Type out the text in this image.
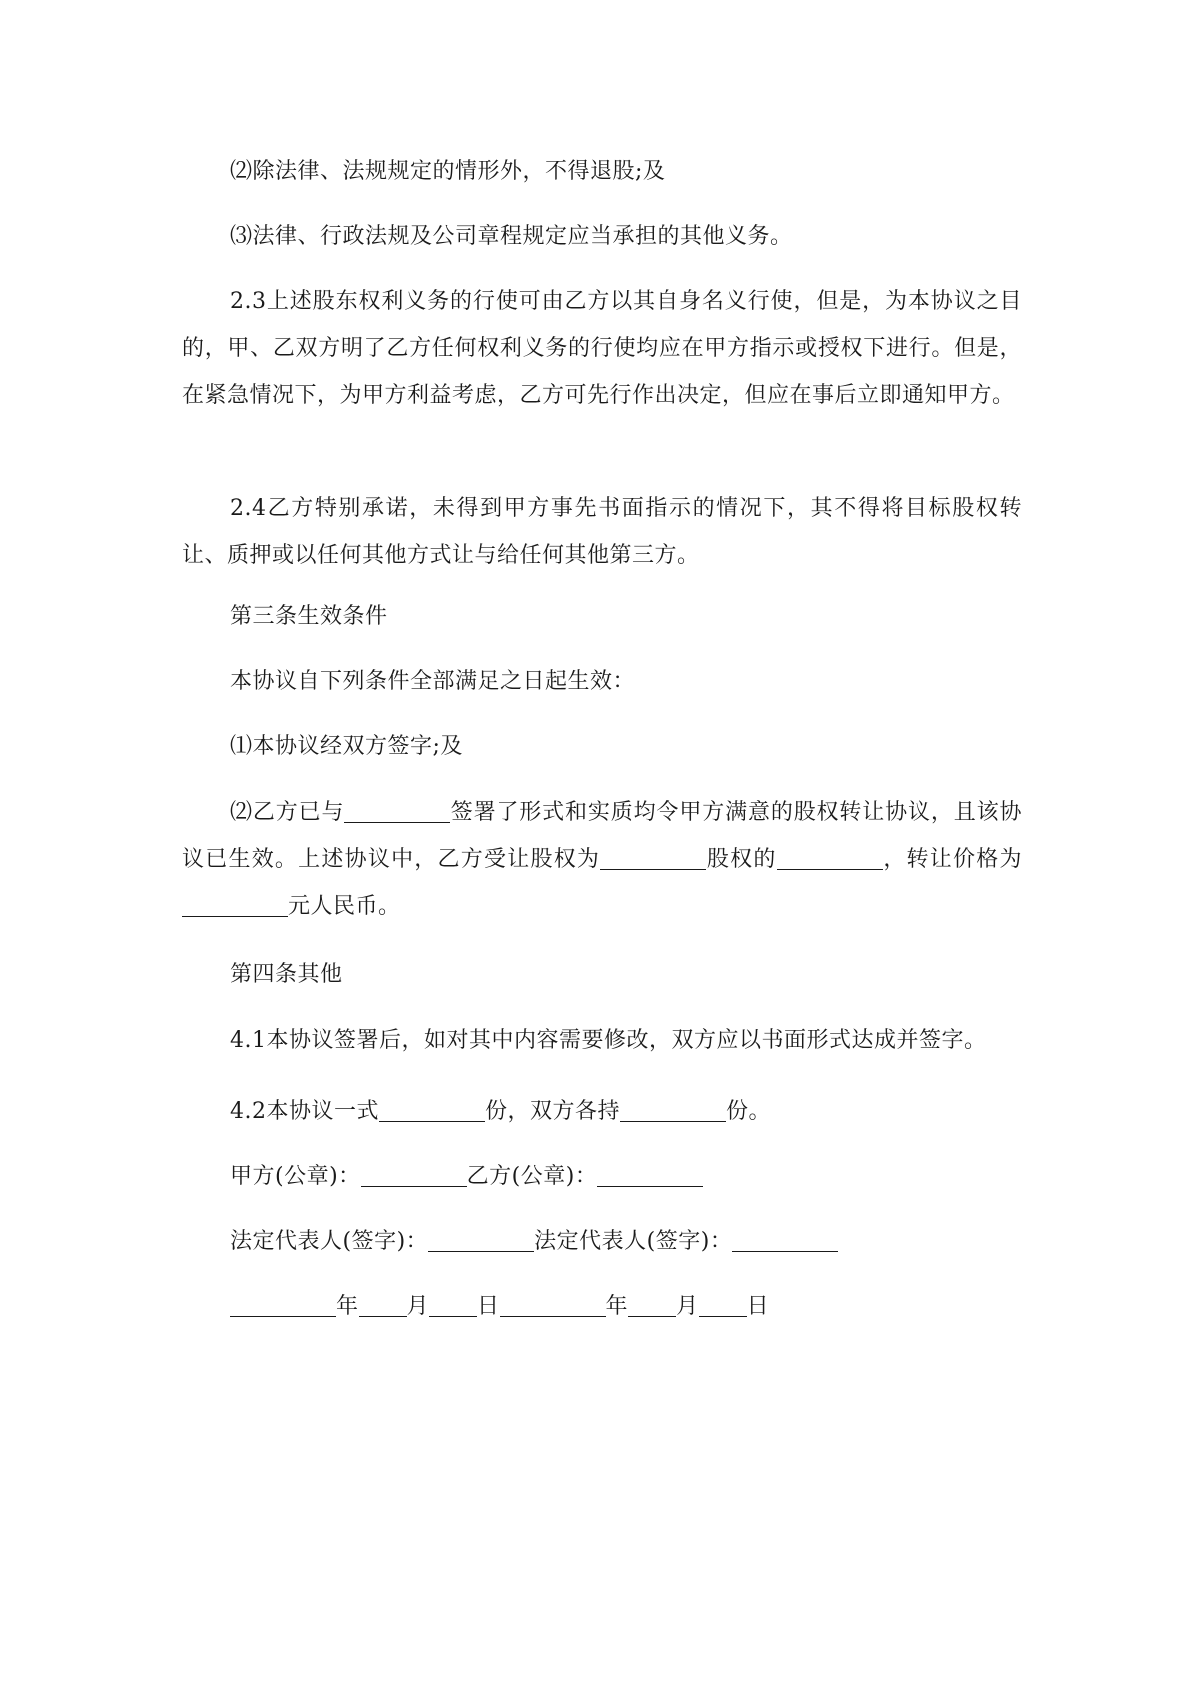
⑵除法律、法规规定的情形外，不得退股;及

⑶法律、行政法规及公司章程规定应当承担的其他义务。

2.3上述股东权利义务的行使可由乙方以其自身名义行使，但是，为本协议之目的，甲、乙双方明了乙方任何权利义务的行使均应在甲方指示或授权下进行。但是，在紧急情况下，为甲方利益考虑，乙方可先行作出决定，但应在事后立即通知甲方。

2.4乙方特别承诺，未得到甲方事先书面指示的情况下，其不得将目标股权转让、质押或以任何其他方式让与给任何其他第三方。

第三条生效条件

本协议自下列条件全部满足之日起生效：

⑴本协议经双方签字;及

⑵乙方已与	签署了形式和实质均令甲方满意的股权转让协议，且该协议已生效。上述协议中，乙方受让股权为	股权的	，转让价格为元人民币。

第四条其他

4.1本协议签署后，如对其中内容需要修改，双方应以书面形式达成并签字。

4.2本协议一式	份，双方各持	份。
甲方(公章)：	乙方(公章)：
法定代表人(签字)：	法定代表人(签字)：
年 月 日	年 月 日
